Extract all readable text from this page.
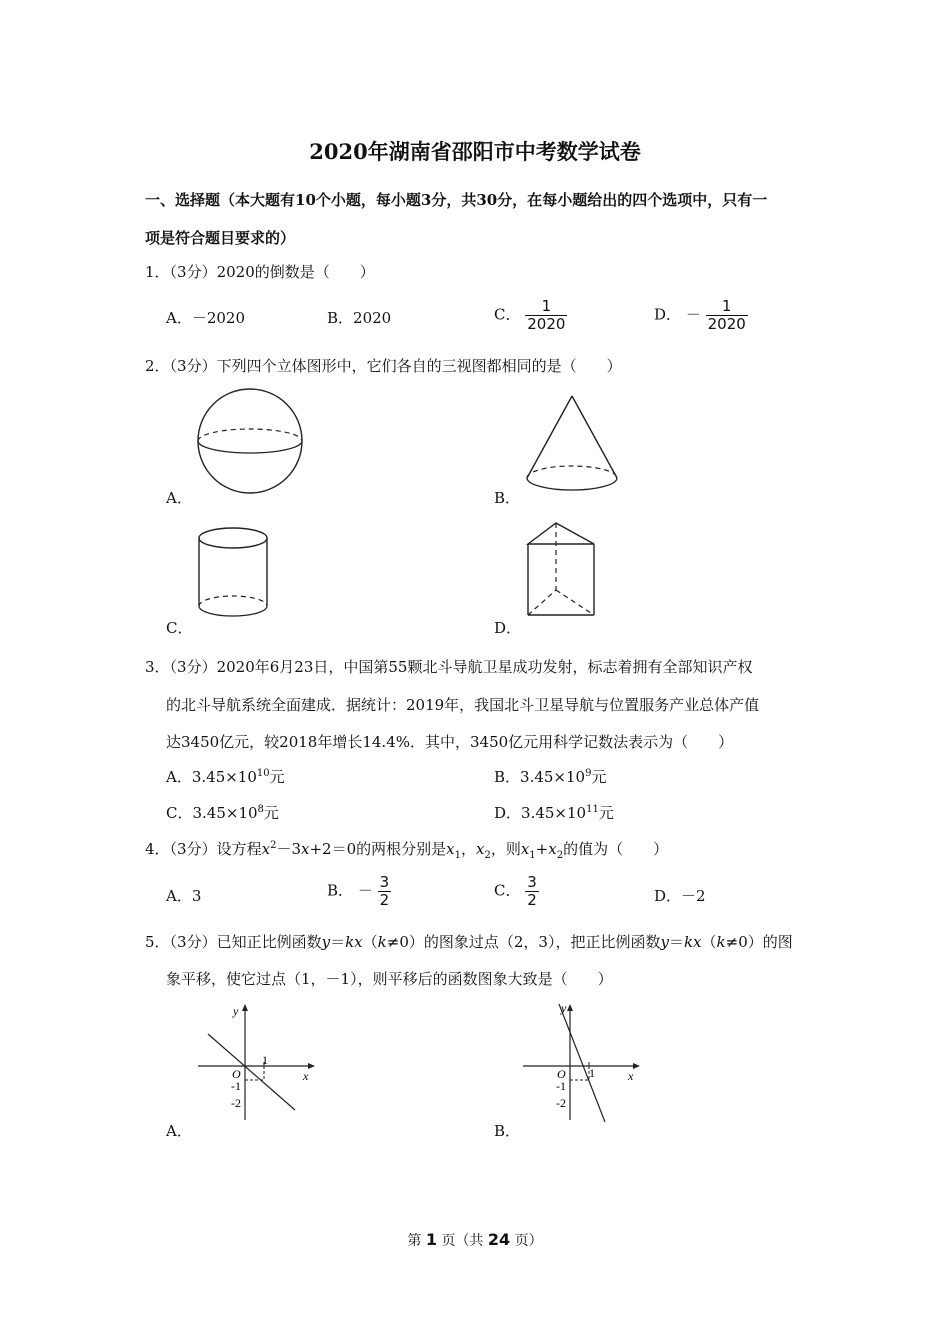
2020年湖南省邵阳市中考数学试卷
一、选择题（本大题有10个小题，每小题3分，共30分，在每小题给出的四个选项中，只有一
项是符合题目要求的）
1．（3分）2020的倒数是（　　）
A．－2020	B．2020	C． $\frac{1}{2020}$	D． － $\frac{1}{2020}$
2．（3分）下列四个立体图形中，它们各自的三视图都相同的是（　　）
A．	B．
C．	D．
3．（3分）2020年6月23日，中国第55颗北斗导航卫星成功发射，标志着拥有全部知识产权
的北斗导航系统全面建成．据统计：2019年，我国北斗卫星导航与位置服务产业总体产值
达3450亿元，较2018年增长14.4%．其中，3450亿元用科学记数法表示为（　　）
A．$3.45\times 10^{10}$元	B．$3.45\times 10^9$元
C．$3.45\times 10^8$元	D．$3.45\times 10^{11}$元
4．（3分）设方程$x^2-3x+2=0$的两根分别是$x_1$，$x_2$，则$x_1+x_2$的值为（　　）
A．3	B． － $\frac{3}{2}$	C． $\frac{3}{2}$	D．－2
5．（3分）已知正比例函数y＝kx（k≠0）的图象过点（2，3），把正比例函数y＝kx（k≠0）的图
象平移，使它过点（1，－1），则平移后的函数图象大致是（　　）
y
x
O
1
-1
-2
A．
y
x
O 1
-1
-2
B．
第 1 页（共 24 页）
